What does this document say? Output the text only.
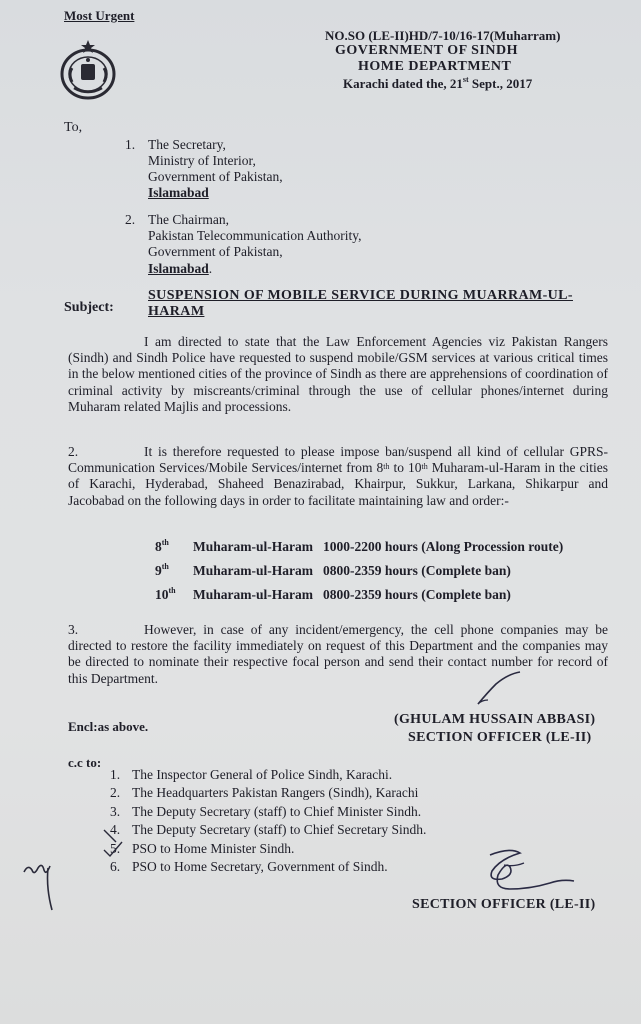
Most Urgent
NO.SO (LE-II)HD/7-10/16-17(Muharram)
GOVERNMENT OF SINDH
HOME DEPARTMENT
Karachi dated the, 21st Sept., 2017
To,
1. The Secretary,
Ministry of Interior,
Government of Pakistan,
Islamabad
2. The Chairman,
Pakistan Telecommunication Authority,
Government of Pakistan,
Islamabad.
Subject:
SUSPENSION OF MOBILE SERVICE DURING MUARRAM-UL-
HARAM

I am directed to state that the Law Enforcement Agencies viz Pakistan Rangers (Sindh) and Sindh Police have requested to suspend mobile/GSM services at various critical times in the below mentioned cities of the province of Sindh as there are apprehensions of coordination of criminal activity by miscreants/criminal through the use of cellular phones/internet during Muharam related Majlis and processions.

2.	It is therefore requested to please impose ban/suspend all kind of cellular GPRS-Communication Services/Mobile Services/internet from 8th to 10th Muharam-ul-Haram in the cities of Karachi, Hyderabad, Shaheed Benazirabad, Khairpur, Sukkur, Larkana, Shikarpur and Jacobabad on the following days in order to facilitate maintaining law and order:-

8th	Muharam-ul-Haram	1000-2200 hours (Along Procession route)
9th	Muharam-ul-Haram	0800-2359 hours (Complete ban)
10th	Muharam-ul-Haram	0800-2359 hours (Complete ban)
3.	However, in case of any incident/emergency, the cell phone companies may be directed to restore the facility immediately on request of this Department and the companies may be directed to nominate their respective focal person and send their contact number for record of this Department.

Encl:as above.	(GHULAM HUSSAIN ABBASI)
SECTION OFFICER (LE-II)
c.c to:
1. The Inspector General of Police Sindh, Karachi.
2. The Headquarters Pakistan Rangers (Sindh), Karachi
3. The Deputy Secretary (staff) to Chief Minister Sindh.
4. The Deputy Secretary (staff) to Chief Secretary Sindh.
5. PSO to Home Minister Sindh.
6. PSO to Home Secretary, Government of Sindh.
SECTION OFFICER (LE-II)
